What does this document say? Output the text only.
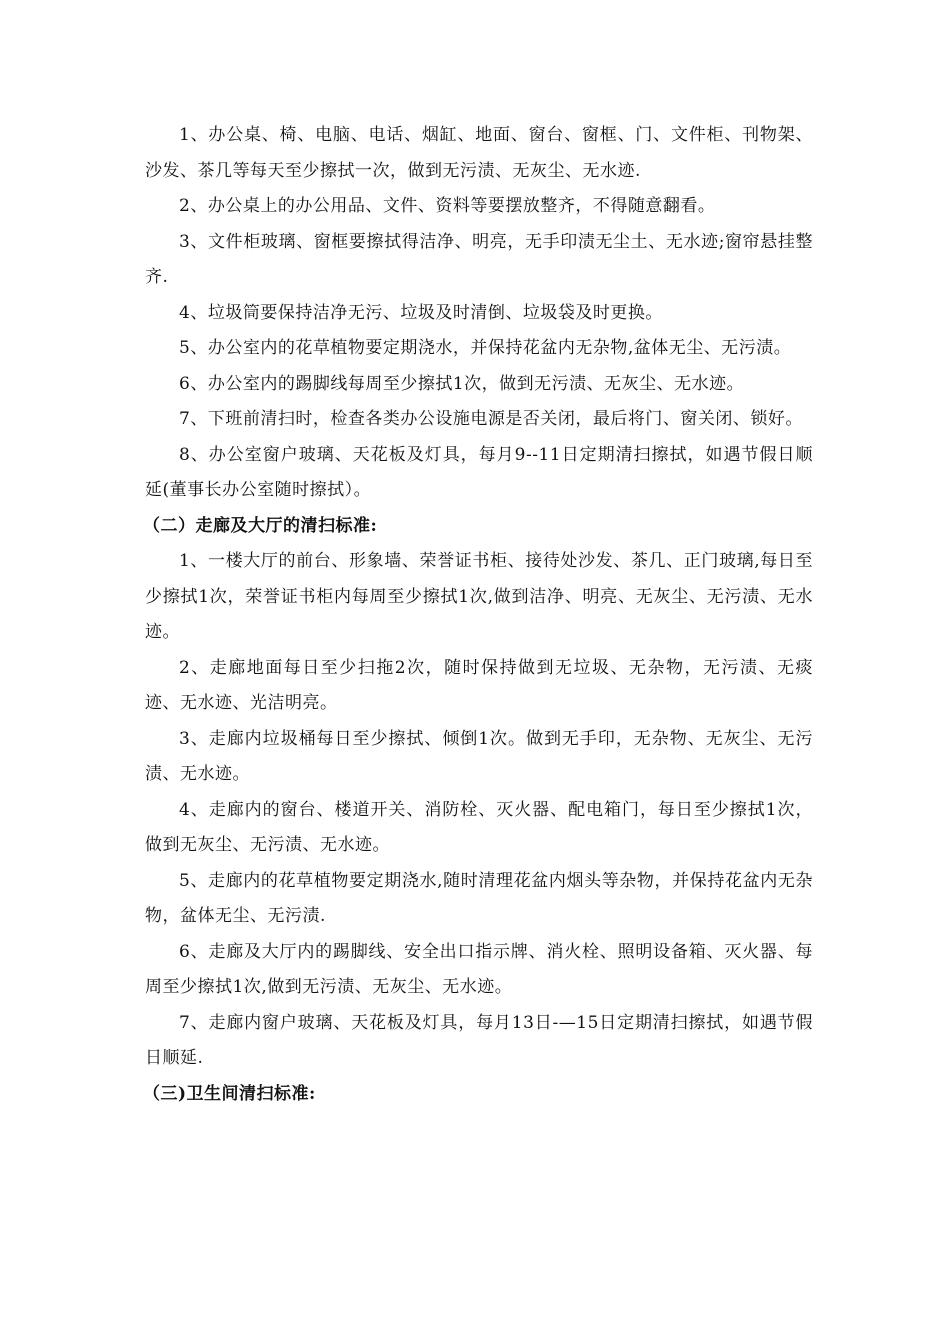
1、办公桌、椅、电脑、电话、烟缸、地面、窗台、窗框、门、文件柜、刊物架、沙发、茶几等每天至少擦拭一次，做到无污渍、无灰尘、无水迹.

2、办公桌上的办公用品、文件、资料等要摆放整齐，不得随意翻看。

3、文件柜玻璃、窗框要擦拭得洁净、明亮，无手印渍无尘土、无水迹;窗帘悬挂整齐.

4、垃圾筒要保持洁净无污、垃圾及时清倒、垃圾袋及时更换。

5、办公室内的花草植物要定期浇水，并保持花盆内无杂物,盆体无尘、无污渍。

6、办公室内的踢脚线每周至少擦拭1次，做到无污渍、无灰尘、无水迹。

7、下班前清扫时，检查各类办公设施电源是否关闭，最后将门、窗关闭、锁好。

8、办公室窗户玻璃、天花板及灯具，每月9--11日定期清扫擦拭，如遇节假日顺延(董事长办公室随时擦拭）。

（二）走廊及大厅的清扫标准:

1、一楼大厅的前台、形象墙、荣誉证书柜、接待处沙发、茶几、正门玻璃,每日至少擦拭1次，荣誉证书柜内每周至少擦拭1次,做到洁净、明亮、无灰尘、无污渍、无水迹。

2、走廊地面每日至少扫拖2次，随时保持做到无垃圾、无杂物，无污渍、无痰迹、无水迹、光洁明亮。

3、走廊内垃圾桶每日至少擦拭、倾倒1次。做到无手印，无杂物、无灰尘、无污渍、无水迹。

4、走廊内的窗台、楼道开关、消防栓、灭火器、配电箱门，每日至少擦拭1次，做到无灰尘、无污渍、无水迹。

5、走廊内的花草植物要定期浇水,随时清理花盆内烟头等杂物，并保持花盆内无杂物，盆体无尘、无污渍.

6、走廊及大厅内的踢脚线、安全出口指示牌、消火栓、照明设备箱、灭火器、每周至少擦拭1次,做到无污渍、无灰尘、无水迹。

7、走廊内窗户玻璃、天花板及灯具，每月13日-—15日定期清扫擦拭，如遇节假日顺延.

（三)卫生间清扫标准:
